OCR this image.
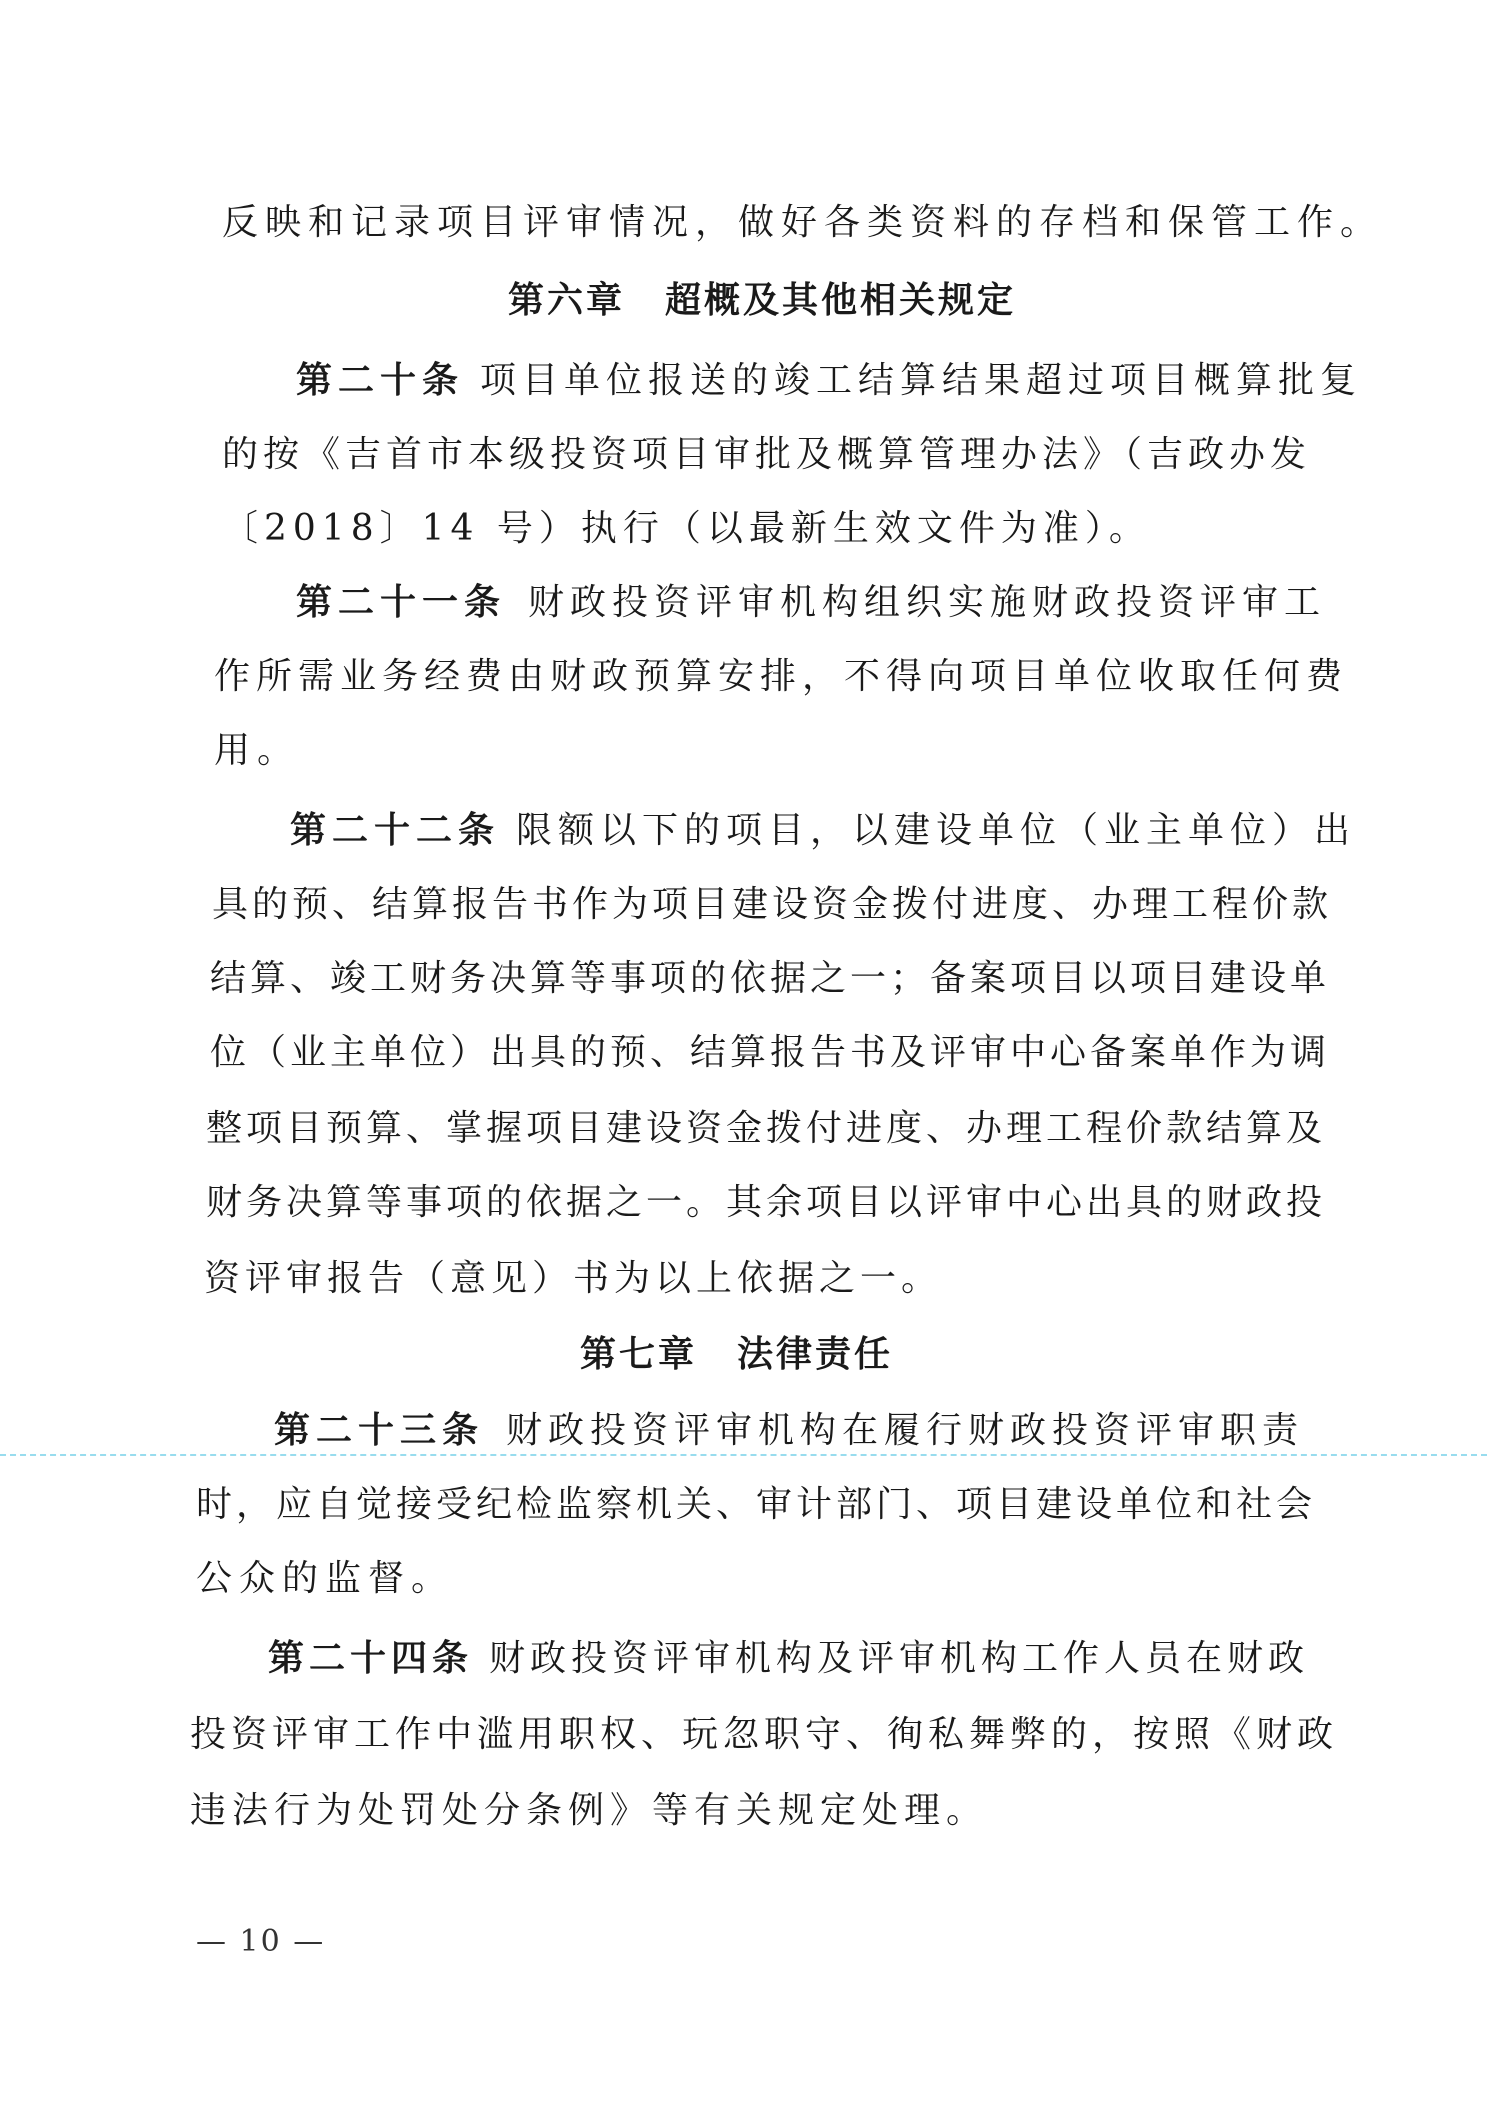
反映和记录项目评审情况，做好各类资料的存档和保管工作。
第六章 超概及其他相关规定
第二十条 项目单位报送的竣工结算结果超过项目概算批复
的按《吉首市本级投资项目审批及概算管理办法》（吉政办发
〔2018〕14 号）执行（以最新生效文件为准）。
第二十一条 财政投资评审机构组织实施财政投资评审工
作所需业务经费由财政预算安排，不得向项目单位收取任何费
用。
第二十二条 限额以下的项目，以建设单位（业主单位）出
具的预、结算报告书作为项目建设资金拨付进度、办理工程价款
结算、竣工财务决算等事项的依据之一；备案项目以项目建设单
位（业主单位）出具的预、结算报告书及评审中心备案单作为调
整项目预算、掌握项目建设资金拨付进度、办理工程价款结算及
财务决算等事项的依据之一。其余项目以评审中心出具的财政投
资评审报告（意见）书为以上依据之一。
第七章 法律责任
第二十三条 财政投资评审机构在履行财政投资评审职责
时，应自觉接受纪检监察机关、审计部门、项目建设单位和社会
公众的监督。
第二十四条 财政投资评审机构及评审机构工作人员在财政
投资评审工作中滥用职权、玩忽职守、徇私舞弊的，按照《财政
违法行为处罚处分条例》等有关规定处理。
— 10 —
